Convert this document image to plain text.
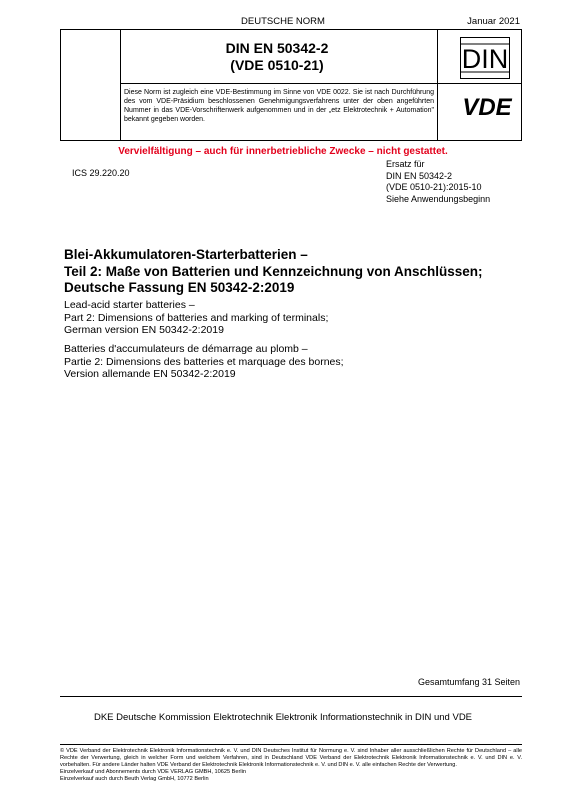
DEUTSCHE NORM	Januar 2021
DIN EN 50342-2
(VDE 0510-21)	DIN
Diese Norm ist zugleich eine VDE-Bestimmung im Sinne von VDE 0022. Sie ist nach Durchführung des vom VDE-Präsidium beschlossenen Genehmigungsverfahrens unter der oben angeführten Nummer in das VDE-Vorschriftenwerk aufgenommen und in der „etz Elektrotechnik + Automation" bekannt gegeben worden.	VDE
Vervielfältigung – auch für innerbetriebliche Zwecke – nicht gestattet.
ICS 29.220.20
Ersatz für
DIN EN 50342-2
(VDE 0510-21):2015-10
Siehe Anwendungsbeginn
Blei-Akkumulatoren-Starterbatterien –
Teil 2: Maße von Batterien und Kennzeichnung von Anschlüssen;
Deutsche Fassung EN 50342-2:2019
Lead-acid starter batteries –
Part 2: Dimensions of batteries and marking of terminals;
German version EN 50342-2:2019
Batteries d'accumulateurs de démarrage au plomb –
Partie 2: Dimensions des batteries et marquage des bornes;
Version allemande EN 50342-2:2019
Gesamtumfang 31 Seiten
DKE Deutsche Kommission Elektrotechnik Elektronik Informationstechnik in DIN und VDE
© VDE Verband der Elektrotechnik Elektronik Informationstechnik e. V. und DIN Deutsches Institut für Normung e. V. sind Inhaber aller ausschließlichen Rechte für Deutschland – alle Rechte der Verwertung, gleich in welcher Form und welchem Verfahren, sind in Deutschland VDE Verband der Elektrotechnik Elektronik Informationstechnik e. V. und DIN e. V. vorbehalten. Für andere Länder halten VDE Verband der Elektrotechnik Elektronik Informationstechnik e. V. und DIN e. V. alle einfachen Rechte der Verwertung.
Einzelverkauf und Abonnements durch VDE VERLAG GMBH, 10625 Berlin
Einzelverkauf auch durch Beuth Verlag GmbH, 10772 Berlin
